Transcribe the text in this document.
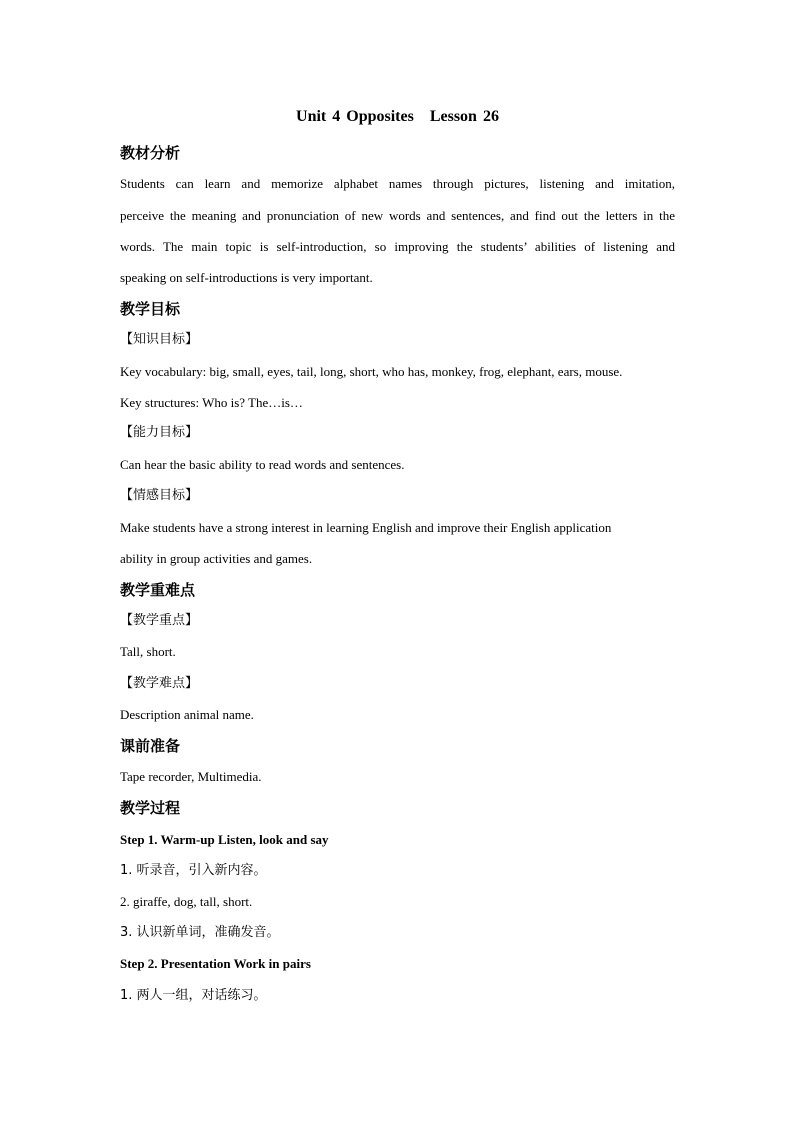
Unit 4 Opposites Lesson 26
教材分析
Students can learn and memorize alphabet names through pictures, listening and imitation,
perceive the meaning and pronunciation of new words and sentences, and find out the letters in the
words. The main topic is self-introduction, so improving the students’ abilities of listening and
speaking on self-introductions is very important.
教学目标
【知识目标】
Key vocabulary: big, small, eyes, tail, long, short, who has, monkey, frog, elephant, ears, mouse.
Key structures: Who is? The…is…
【能力目标】
Can hear the basic ability to read words and sentences.
【情感目标】
Make students have a strong interest in learning English and improve their English application
ability in group activities and games.
教学重难点
【教学重点】
Tall, short.
【教学难点】
Description animal name.
课前准备
Tape recorder, Multimedia.
教学过程
Step 1. Warm-up Listen, look and say
1. 听录音，引入新内容。
2. giraffe, dog, tall, short.
3. 认识新单词，准确发音。
Step 2. Presentation Work in pairs
1. 两人一组，对话练习。
